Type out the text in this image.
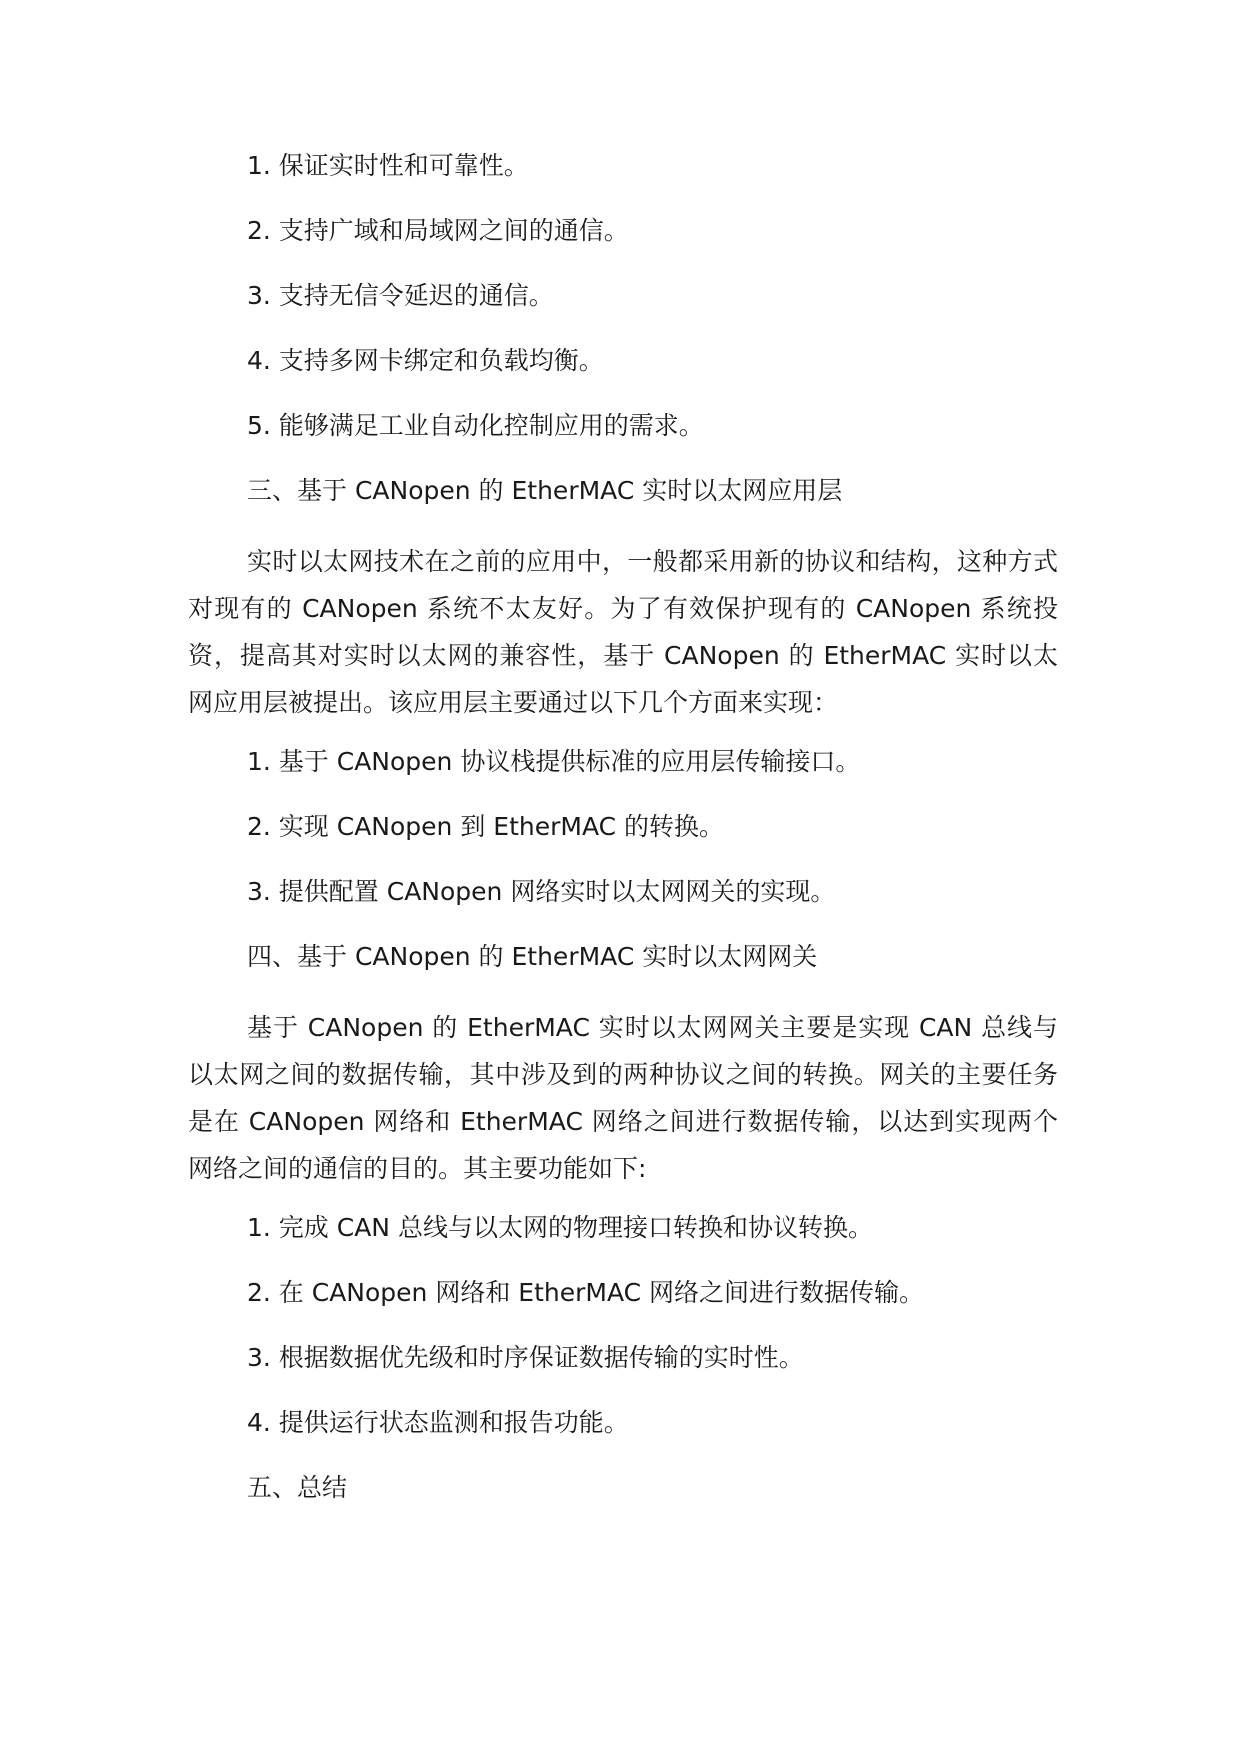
1. 保证实时性和可靠性。

2. 支持广域和局域网之间的通信。

3. 支持无信令延迟的通信。

4. 支持多网卡绑定和负载均衡。

5. 能够满足工业自动化控制应用的需求。

三、基于 CANopen 的 EtherMAC 实时以太网应用层

实时以太网技术在之前的应用中，一般都采用新的协议和结构，这种方式对现有的 CANopen 系统不太友好。为了有效保护现有的 CANopen 系统投资，提高其对实时以太网的兼容性，基于 CANopen 的 EtherMAC 实时以太网应用层被提出。该应用层主要通过以下几个方面来实现：

1. 基于 CANopen 协议栈提供标准的应用层传输接口。

2. 实现 CANopen 到 EtherMAC 的转换。

3. 提供配置 CANopen 网络实时以太网网关的实现。

四、基于 CANopen 的 EtherMAC 实时以太网网关

基于 CANopen 的 EtherMAC 实时以太网网关主要是实现 CAN 总线与以太网之间的数据传输，其中涉及到的两种协议之间的转换。网关的主要任务是在 CANopen 网络和 EtherMAC 网络之间进行数据传输，以达到实现两个网络之间的通信的目的。其主要功能如下:

1. 完成 CAN 总线与以太网的物理接口转换和协议转换。

2. 在 CANopen 网络和 EtherMAC 网络之间进行数据传输。

3. 根据数据优先级和时序保证数据传输的实时性。

4. 提供运行状态监测和报告功能。

五、总结
